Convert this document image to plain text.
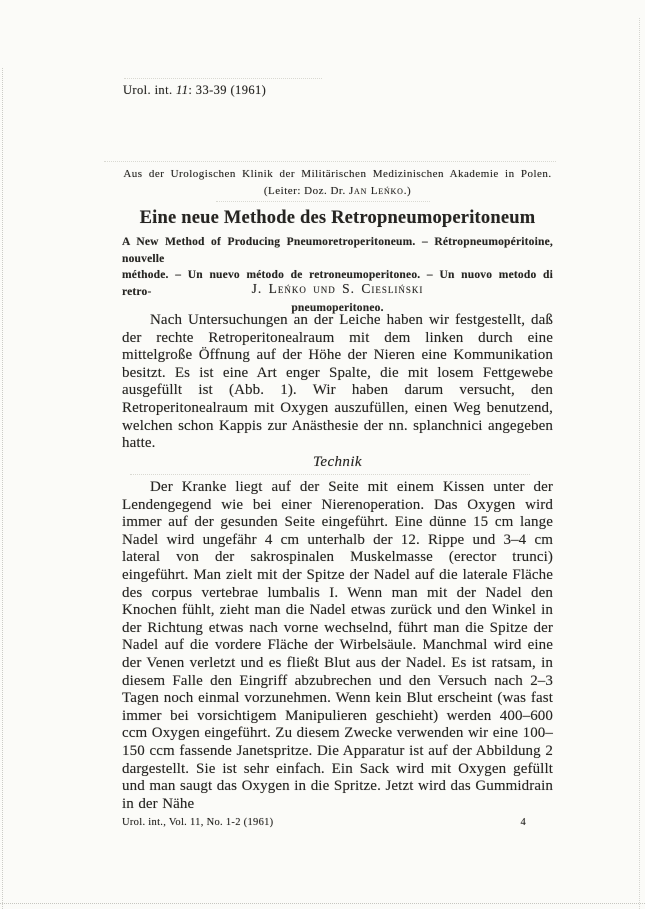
Urol. int. 11: 33-39 (1961)
Aus der Urologischen Klinik der Militärischen Medizinischen Akademie in Polen.
(Leiter: Doz. Dr. Jan Leńko.)
Eine neue Methode des Retropneumoperitoneum
A New Method of Producing Pneumoretroperitoneum. – Rétropneumopéritoine, nouvelle
méthode. – Un nuevo método de retroneumoperitoneo. – Un nuovo metodo di retro-
pneumoperitoneo.
J. Leńko und S. Ciesliński
Nach Untersuchungen an der Leiche haben wir festgestellt, daß der rechte Retroperitonealraum mit dem linken durch eine mittelgroße Öffnung auf der Höhe der Nieren eine Kommunikation besitzt. Es ist eine Art enger Spalte, die mit losem Fettgewebe ausgefüllt ist (Abb. 1). Wir haben darum versucht, den Retroperitonealraum mit Oxygen auszufüllen, einen Weg benutzend, welchen schon Kappis zur Anästhesie der nn. splanchnici angegeben hatte.
Technik
Der Kranke liegt auf der Seite mit einem Kissen unter der Lendengegend wie bei einer Nierenoperation. Das Oxygen wird immer auf der gesunden Seite eingeführt. Eine dünne 15 cm lange Nadel wird ungefähr 4 cm unterhalb der 12. Rippe und 3–4 cm lateral von der sakrospinalen Muskelmasse (erector trunci) eingeführt. Man zielt mit der Spitze der Nadel auf die laterale Fläche des corpus vertebrae lumbalis I. Wenn man mit der Nadel den Knochen fühlt, zieht man die Nadel etwas zurück und den Winkel in der Richtung etwas nach vorne wechselnd, führt man die Spitze der Nadel auf die vordere Fläche der Wirbelsäule. Manchmal wird eine der Venen verletzt und es fließt Blut aus der Nadel. Es ist ratsam, in diesem Falle den Eingriff abzubrechen und den Versuch nach 2–3 Tagen noch einmal vorzunehmen. Wenn kein Blut erscheint (was fast immer bei vorsichtigem Manipulieren geschieht) werden 400–600 ccm Oxygen eingeführt. Zu diesem Zwecke verwenden wir eine 100–150 ccm fassende Janetspritze. Die Apparatur ist auf der Abbildung 2 dargestellt. Sie ist sehr einfach. Ein Sack wird mit Oxygen gefüllt und man saugt das Oxygen in die Spritze. Jetzt wird das Gummidrain in der Nähe
Urol. int., Vol. 11, No. 1-2 (1961)	4
